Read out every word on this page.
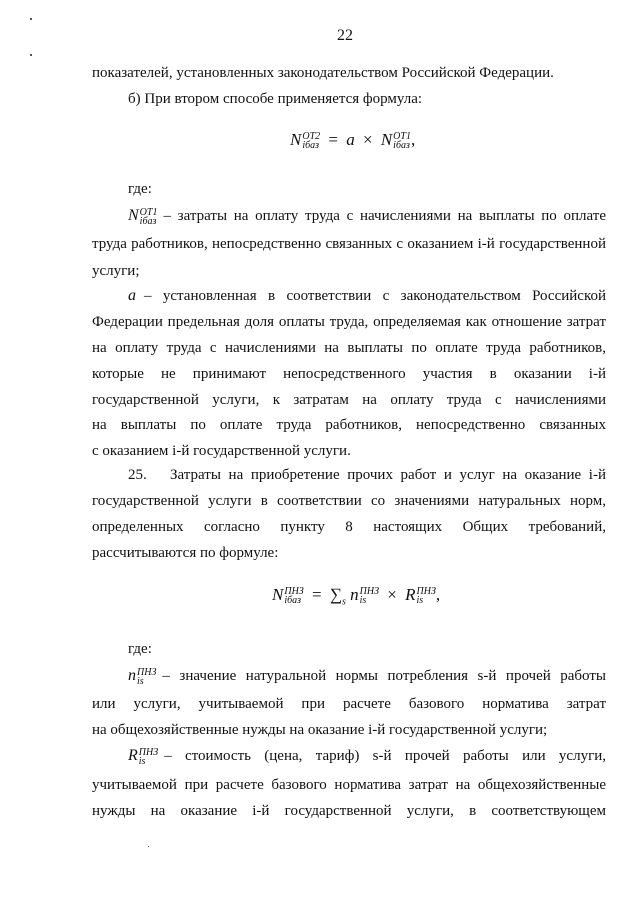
22
показателей, установленных законодательством Российской Федерации.
б) При втором способе применяется формула:
N ОТ2
iбаз = a × N ОТ1
iбаз ,
где:
N ОТ1
iбаз – затраты на оплату труда с начислениями на выплаты по оплате
труда работников, непосредственно связанных с оказанием i-й государственной
услуги;
a – установленная в соответствии с законодательством Российской
Федерации предельная доля оплаты труда, определяемая как отношение затрат
на оплату труда с начислениями на выплаты по оплате труда работников,
которые не принимают непосредственного участия в оказании i-й
государственной услуги, к затратам на оплату труда с начислениями
на выплаты по оплате труда работников, непосредственно связанных
с оказанием i-й государственной услуги.
25. Затраты на приобретение прочих работ и услуг на оказание i-й
государственной услуги в соответствии со значениями натуральных норм,
определенных согласно пункту 8 настоящих Общих требований,
рассчитываются по формуле:
N ПНЗ
iбаз = $\sum_s$ n ПНЗ
is	× R ПНЗ
is ,
где:
n ПНЗ
is	– значение натуральной нормы потребления s-й прочей работы
или услуги, учитываемой при расчете базового норматива затрат
на общехозяйственные нужды на оказание i-й государственной услуги;
R ПНЗ
is	– стоимость (цена, тариф) s-й прочей работы или услуги,
учитываемой при расчете базового норматива затрат на общехозяйственные
нужды на оказание i-й государственной услуги, в соответствующем
